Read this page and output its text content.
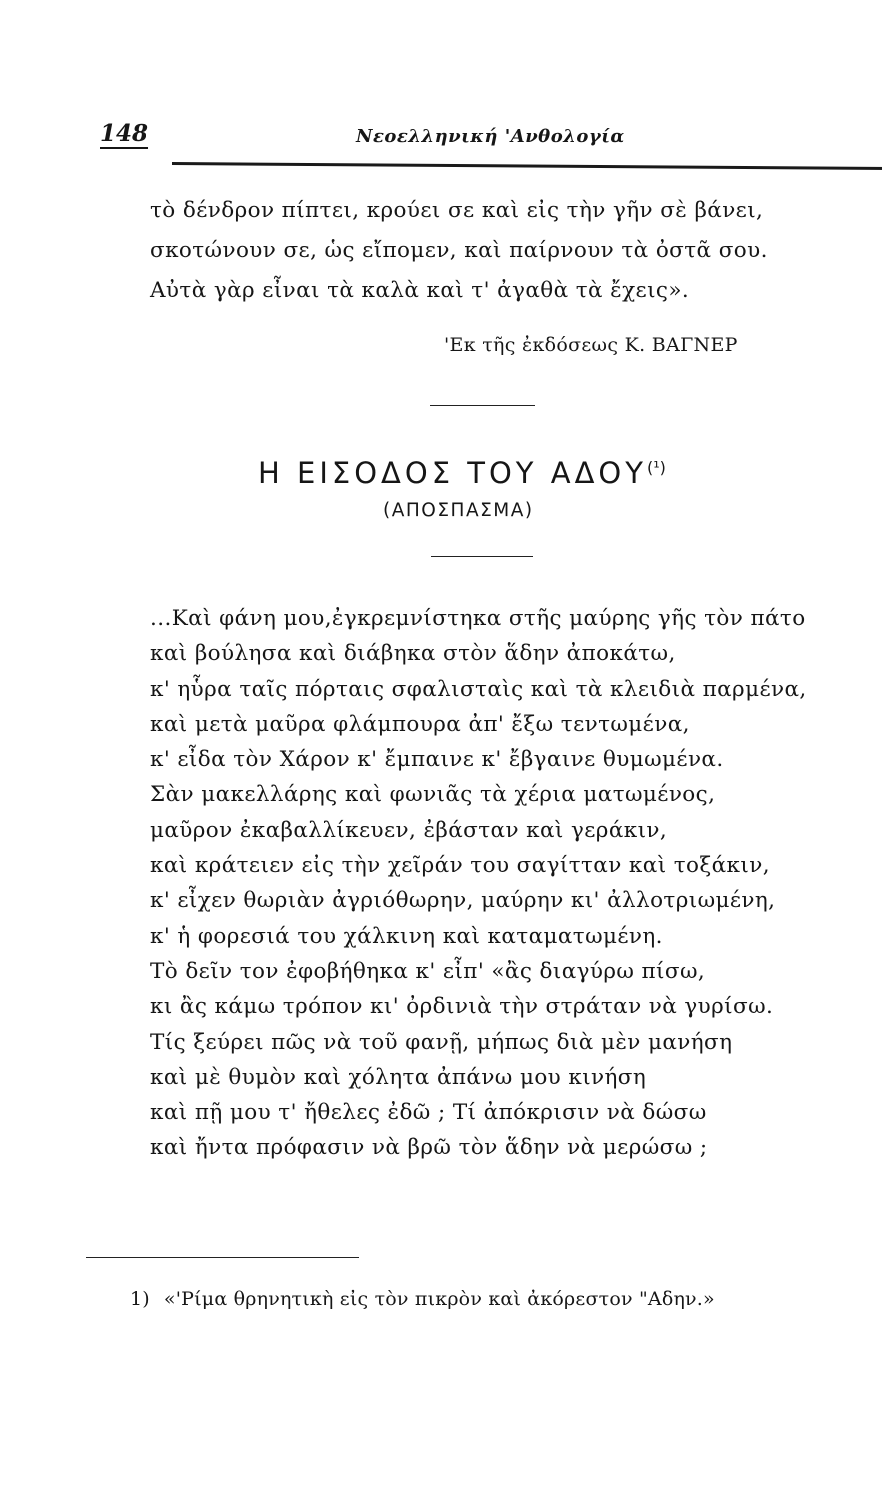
148	Νεοελληνική 'Ανθολογία
τὸ δένδρον πίπτει, κρούει σε καὶ εἰς τὴν γῆν σὲ βάνει,
σκοτώνουν σε, ὡς εἴπομεν, καὶ παίρνουν τὰ ὀστᾶ σου.
Αὐτὰ γὰρ εἶναι τὰ καλὰ καὶ τ' ἀγαθὰ τὰ ἔχεις».
'Εκ τῆς ἐκδόσεως Κ. ΒΑΓΝΕΡ
Η ΕΙΣΟΔΟΣ ΤΟΥ ΑΔΟΥ$^{(^1)}$
(ΑΠΟΣΠΑΣΜΑ)
...Καὶ φάνη μου,ἐγκρεμνίστηκα στῆς μαύρης γῆς τὸν πάτο
καὶ βούλησα καὶ διάβηκα στὸν ἅδην ἀποκάτω,
κ' ηὗρα ταῖς πόρταις σφαλισταὶς καὶ τὰ κλειδιὰ παρμένα,
καὶ μετὰ μαῦρα φλάμπουρα ἀπ' ἔξω τεντωμένα,
κ' εἶδα τὸν Χάρον κ' ἔμπαινε κ' ἔβγαινε θυμωμένα.
Σὰν μακελλάρης καὶ φωνιᾶς τὰ χέρια ματωμένος,
μαῦρον ἐκαβαλλίκευεν, ἐβάσταν καὶ γεράκιν,
καὶ κράτειεν εἰς τὴν χεῖράν του σαγίτταν καὶ τοξάκιν,
κ' εἶχεν θωριὰν ἀγριόθωρην, μαύρην κι' ἀλλοτριωμένη,
κ' ἡ φορεσιά του χάλκινη καὶ καταματωμένη.
Τὸ δεῖν τον ἐφοβήθηκα κ' εἶπ' «ἂς διαγύρω πίσω,
κι ἂς κάμω τρόπον κι' ὀρδινιὰ τὴν στράταν νὰ γυρίσω.
Τίς ξεύρει πῶς νὰ τοῦ φανῇ, μήπως διὰ μὲν μανήση
καὶ μὲ θυμὸν καὶ χόλητα ἀπάνω μου κινήση
καὶ πῇ μου τ' ἤθελες ἐδῶ ; Τί ἀπόκρισιν νὰ δώσω
καὶ ἤντα πρόφασιν νὰ βρῶ τὸν ἅδην νὰ μερώσω ;
1) «'Ρίμα θρηνητικὴ εἰς τὸν πικρὸν καὶ ἀκόρεστον "Αδην.»
